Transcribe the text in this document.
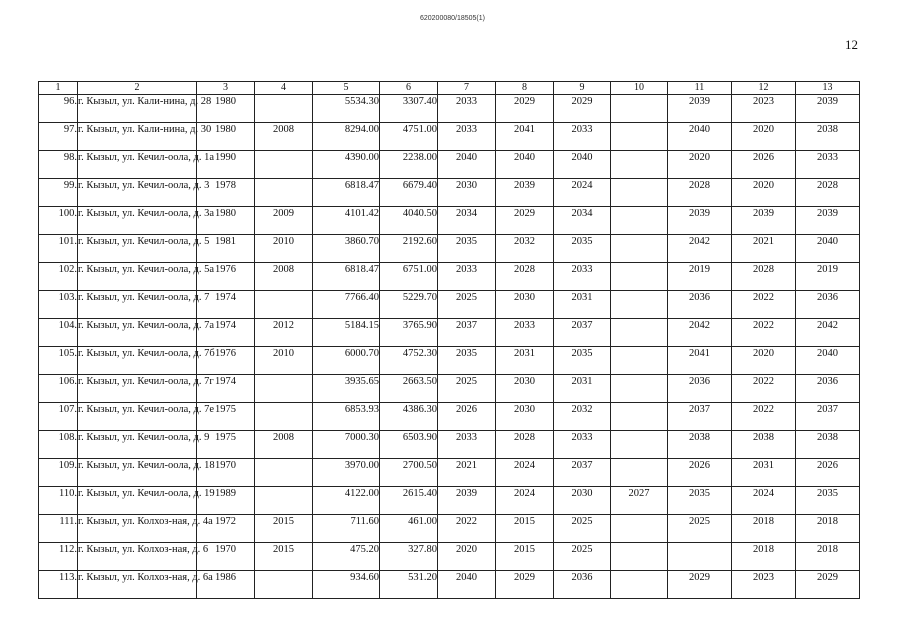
620200080/18505(1)
12
1	2	3	4	5	6	7	8	9	10	11	12	13
96.	г. Кызыл, ул. Кали-нина, д. 28	1980		5534.30	3307.40	2033	2029	2029		2039	2023	2039
97.	г. Кызыл, ул. Кали-нина, д. 30	1980	2008	8294.00	4751.00	2033	2041	2033		2040	2020	2038
98.	г. Кызыл, ул. Кечил-оола, д. 1а	1990		4390.00	2238.00	2040	2040	2040		2020	2026	2033
99.	г. Кызыл, ул. Кечил-оола, д. 3	1978		6818.47	6679.40	2030	2039	2024		2028	2020	2028
100.	г. Кызыл, ул. Кечил-оола, д. 3а	1980	2009	4101.42	4040.50	2034	2029	2034		2039	2039	2039
101.	г. Кызыл, ул. Кечил-оола, д. 5	1981	2010	3860.70	2192.60	2035	2032	2035		2042	2021	2040
102.	г. Кызыл, ул. Кечил-оола, д. 5а	1976	2008	6818.47	6751.00	2033	2028	2033		2019	2028	2019
103.	г. Кызыл, ул. Кечил-оола, д. 7	1974		7766.40	5229.70	2025	2030	2031		2036	2022	2036
104.	г. Кызыл, ул. Кечил-оола, д. 7а	1974	2012	5184.15	3765.90	2037	2033	2037		2042	2022	2042
105.	г. Кызыл, ул. Кечил-оола, д. 7б	1976	2010	6000.70	4752.30	2035	2031	2035		2041	2020	2040
106.	г. Кызыл, ул. Кечил-оола, д. 7г	1974		3935.65	2663.50	2025	2030	2031		2036	2022	2036
107.	г. Кызыл, ул. Кечил-оола, д. 7е	1975		6853.93	4386.30	2026	2030	2032		2037	2022	2037
108.	г. Кызыл, ул. Кечил-оола, д. 9	1975	2008	7000.30	6503.90	2033	2028	2033		2038	2038	2038
109.	г. Кызыл, ул. Кечил-оола, д. 18	1970		3970.00	2700.50	2021	2024	2037		2026	2031	2026
110.	г. Кызыл, ул. Кечил-оола, д. 19	1989		4122.00	2615.40	2039	2024	2030	2027	2035	2024	2035
111.	г. Кызыл, ул. Колхоз-ная, д. 4а	1972	2015	711.60	461.00	2022	2015	2025		2025	2018	2018
112.	г. Кызыл, ул. Колхоз-ная, д. 6	1970	2015	475.20	327.80	2020	2015	2025			2018	2018
113.	г. Кызыл, ул. Колхоз-ная, д. 6а	1986		934.60	531.20	2040	2029	2036		2029	2023	2029
